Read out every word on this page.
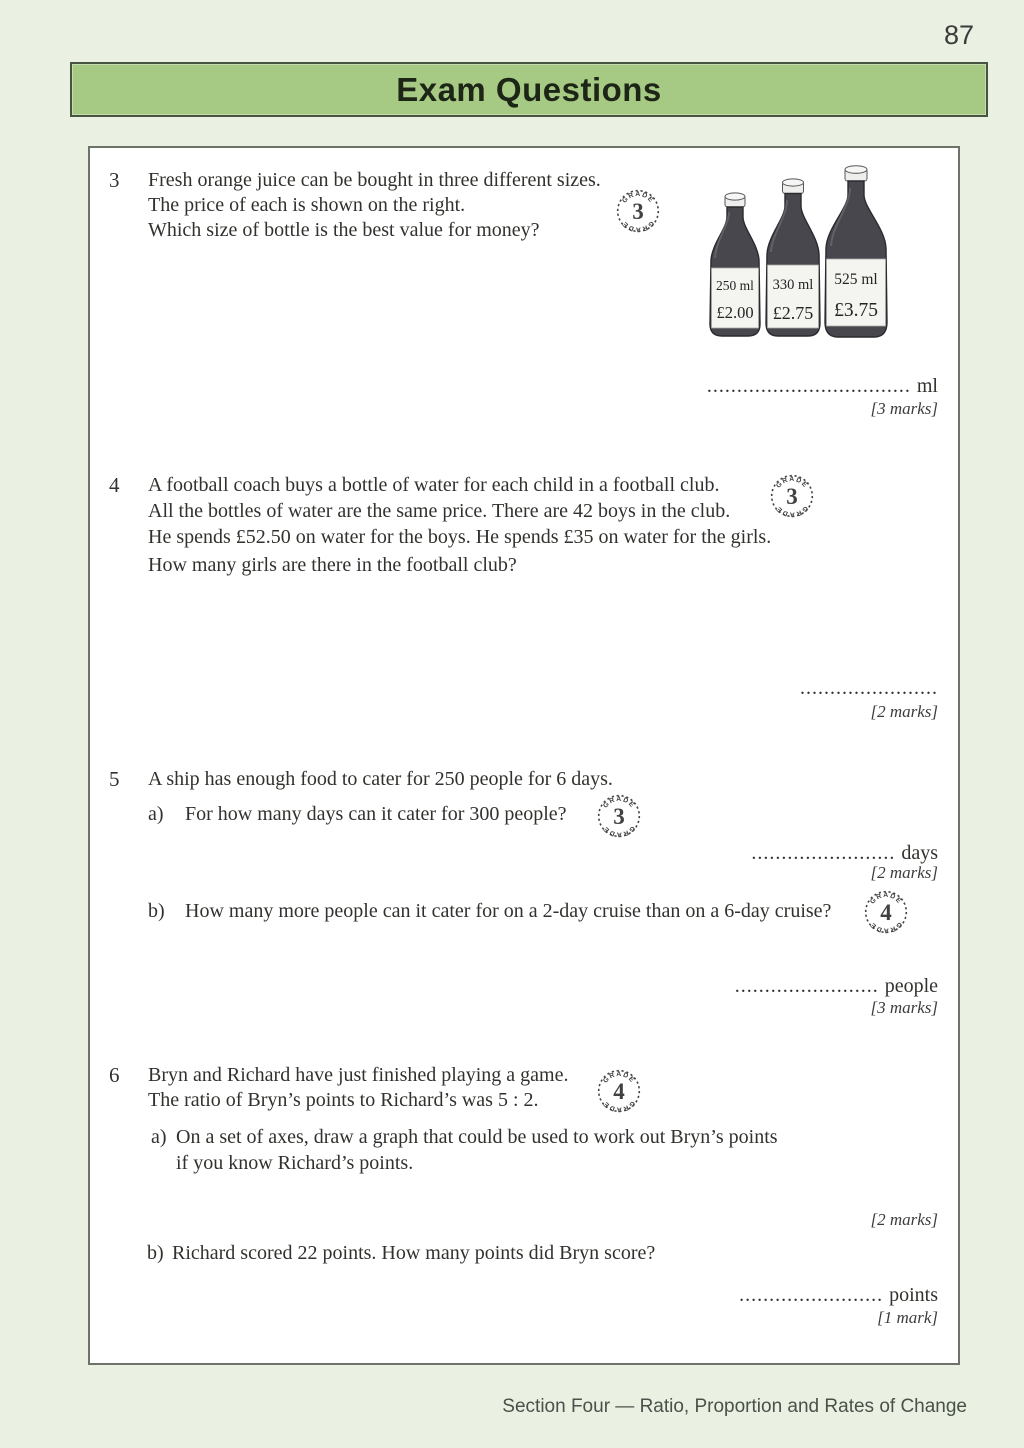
87
Exam Questions
3 Fresh orange juice can be bought in three different sizes.
The price of each is shown on the right.
Which size of bottle is the best value for money?
GRADE
GRADE 3
250 ml
£2.00
330 ml
£2.75
525 ml
£3.75
.................................. ml
[3 marks]
4 A football coach buys a bottle of water for each child in a football club.
All the bottles of water are the same price. There are 42 boys in the club.
He spends £52.50 on water for the boys. He spends £35 on water for the girls.
How many girls are there in the football club?
GRADE
GRADE 3
.......................
[2 marks]
5 A ship has enough food to cater for 250 people for 6 days.
a) For how many days can it cater for 300 people?	GRADE
GRADE 3
........................ days
[2 marks]
b) How many more people can it cater for on a 2-day cruise than on a 6-day cruise?	GRADE
GRADE 4
........................ people
[3 marks]
6 Bryn and Richard have just finished playing a game.
The ratio of Bryn’s points to Richard’s was 5 : 2.
GRADE
GRADE 4
a) On a set of axes, draw a graph that could be used to work out Bryn’s points
if you know Richard’s points.
[2 marks]
b) Richard scored 22 points. How many points did Bryn score?
........................ points
[1 mark]
Section Four — Ratio, Proportion and Rates of Change
